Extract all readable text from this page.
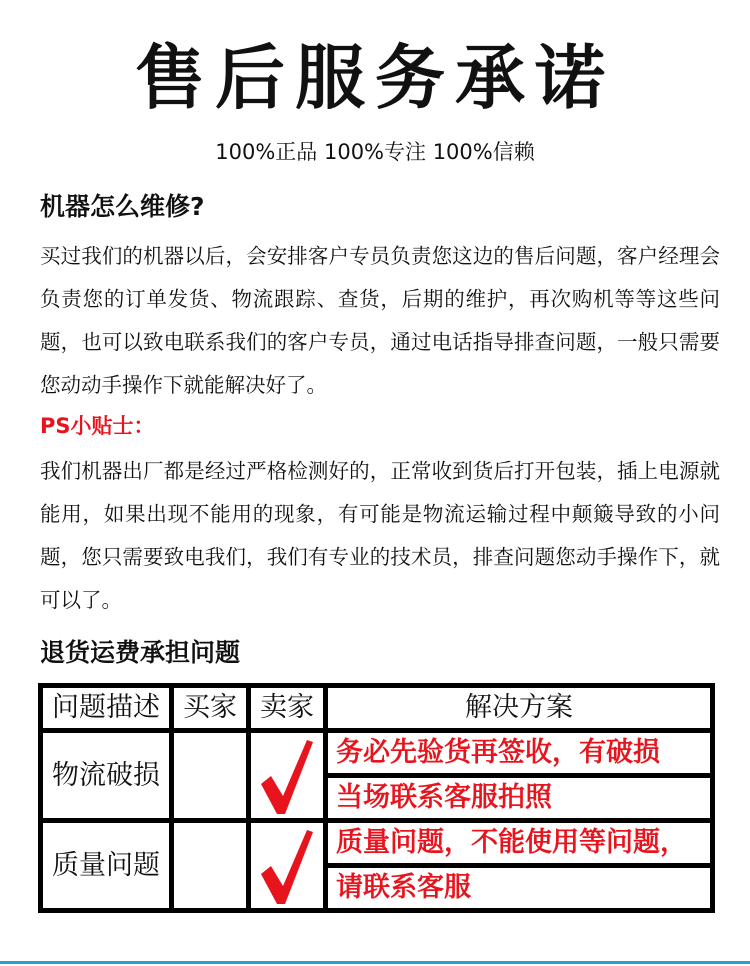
售后服务承诺
100%正品 100%专注 100%信赖
机器怎么维修?
买过我们的机器以后，会安排客户专员负责您这边的售后问题，客户经理会负责您的订单发货、物流跟踪、查货，后期的维护，再次购机等等这些问题，也可以致电联系我们的客户专员，通过电话指导排查问题，一般只需要您动动手操作下就能解决好了。
PS小贴士：
我们机器出厂都是经过严格检测好的，正常收到货后打开包装，插上电源就能用，如果出现不能用的现象，有可能是物流运输过程中颠簸导致的小问题，您只需要致电我们，我们有专业的技术员，排查问题您动手操作下，就可以了。
退货运费承担问题
问题描述		买家		卖家		解决方案

物流破损						务必先验货再签收，有破损

						当场联系客服拍照

质量问题						质量问题，不能使用等问题，

						请联系客服
